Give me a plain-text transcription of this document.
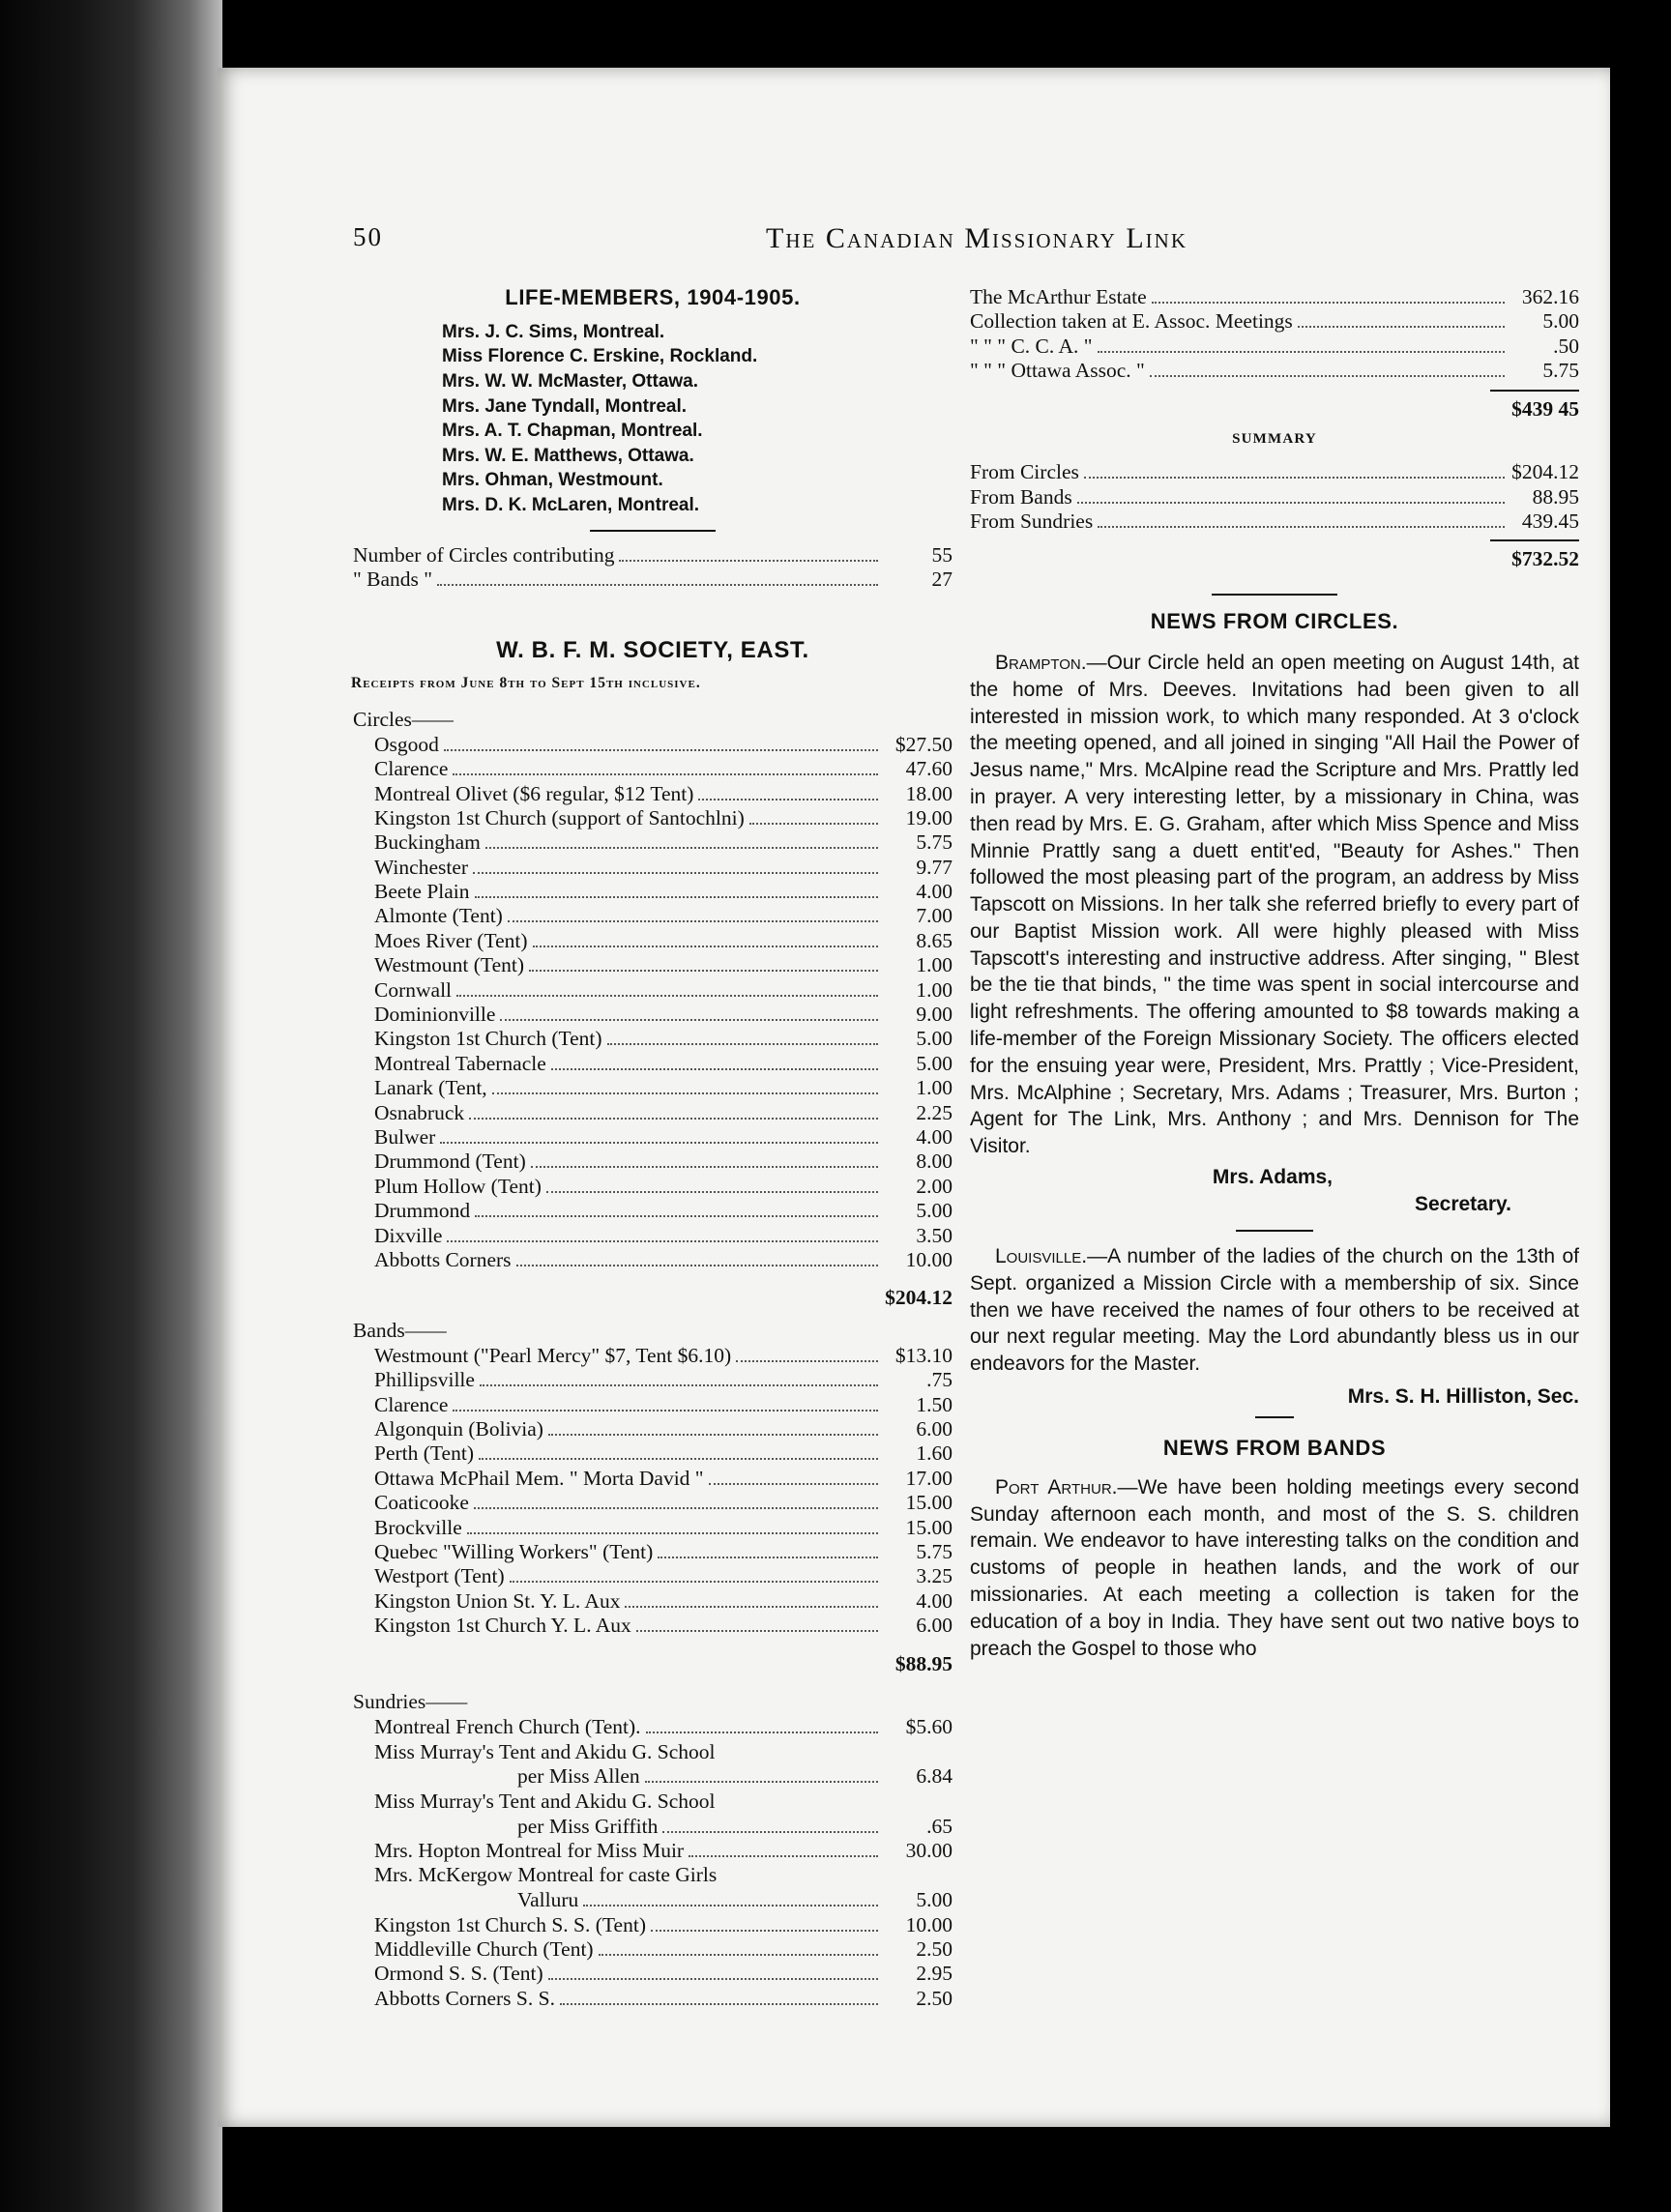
50	The Canadian Missionary Link
LIFE-MEMBERS, 1904-1905.
Mrs. J. C. Sims, Montreal.
Miss Florence C. Erskine, Rockland.
Mrs. W. W. McMaster, Ottawa.
Mrs. Jane Tyndall, Montreal.
Mrs. A. T. Chapman, Montreal.
Mrs. W. E. Matthews, Ottawa.
Mrs. Ohman, Westmount.
Mrs. D. K. McLaren, Montreal.
Number of Circles contributing	55
" Bands "	27
W. B. F. M. SOCIETY, EAST.
Receipts from June 8th to Sept 15th inclusive.
Circles——
Osgood	$27.50
Clarence	47.60
Montreal Olivet ($6 regular, $12 Tent)	18.00
Kingston 1st Church (support of Santochlni)	19.00
Buckingham	5.75
Winchester	9.77
Beete Plain	4.00
Almonte (Tent)	7.00
Moes River (Tent)	8.65
Westmount (Tent)	1.00
Cornwall	1.00
Dominionville	9.00
Kingston 1st Church (Tent)	5.00
Montreal Tabernacle	5.00
Lanark (Tent,	1.00
Osnabruck	2.25
Bulwer	4.00
Drummond (Tent)	8.00
Plum Hollow (Tent)	2.00
Drummond	5.00
Dixville	3.50
Abbotts Corners	10.00
$204.12
Bands——
Westmount ("Pearl Mercy" $7, Tent $6.10)	$13.10
Phillipsville	.75
Clarence	1.50
Algonquin (Bolivia)	6.00
Perth (Tent)	1.60
Ottawa McPhail Mem. " Morta David "	17.00
Coaticooke	15.00
Brockville	15.00
Quebec "Willing Workers" (Tent)	5.75
Westport (Tent)	3.25
Kingston Union St. Y. L. Aux	4.00
Kingston 1st Church Y. L. Aux	6.00
$88.95
Sundries——
Montreal French Church (Tent).	$5.60
Miss Murray's Tent and Akidu G. School
per Miss Allen	6.84
Miss Murray's Tent and Akidu G. School
per Miss Griffith	.65
Mrs. Hopton Montreal for Miss Muir	30.00
Mrs. McKergow Montreal for caste Girls
Valluru	5.00
Kingston 1st Church S. S. (Tent)	10.00
Middleville Church (Tent)	2.50
Ormond S. S. (Tent)	2.95
Abbotts Corners S. S.	2.50
The McArthur Estate	362.16
Collection taken at E. Assoc. Meetings	5.00
" " " C. C. A. "	.50
" " " Ottawa Assoc. "	5.75
$439 45
SUMMARY
From Circles	$204.12
From Bands	88.95
From Sundries	439.45
$732.52
NEWS FROM CIRCLES.

Brampton.—Our Circle held an open meeting on August 14th, at the home of Mrs. Deeves. Invitations had been given to all interested in mission work, to which many responded. At 3 o'clock the meeting opened, and all joined in singing "All Hail the Power of Jesus name," Mrs. McAlpine read the Scripture and Mrs. Prattly led in prayer. A very interesting letter, by a missionary in China, was then read by Mrs. E. G. Graham, after which Miss Spence and Miss Minnie Prattly sang a duett entit'ed, "Beauty for Ashes." Then followed the most pleasing part of the program, an address by Miss Tapscott on Missions. In her talk she referred briefly to every part of our Baptist Mission work. All were highly pleased with Miss Tapscott's interesting and instructive address. After singing, " Blest be the tie that binds, " the time was spent in social intercourse and light refreshments. The offering amounted to $8 towards making a life-member of the Foreign Missionary Society. The officers elected for the ensuing year were, President, Mrs. Prattly ; Vice-President, Mrs. McAlphine ; Secretary, Mrs. Adams ; Treasurer, Mrs. Burton ; Agent for The Link, Mrs. Anthony ; and Mrs. Dennison for The Visitor.

Mrs. Adams,
Secretary.

Louisville.—A number of the ladies of the church on the 13th of Sept. organized a Mission Circle with a membership of six. Since then we have received the names of four others to be received at our next regular meeting. May the Lord abundantly bless us in our endeavors for the Master.

Mrs. S. H. Hilliston, Sec.
NEWS FROM BANDS

Port Arthur.—We have been holding meetings every second Sunday afternoon each month, and most of the S. S. children remain. We endeavor to have interesting talks on the condition and customs of people in heathen lands, and the work of our missionaries. At each meeting a collection is taken for the education of a boy in India. They have sent out two native boys to preach the Gospel to those who
